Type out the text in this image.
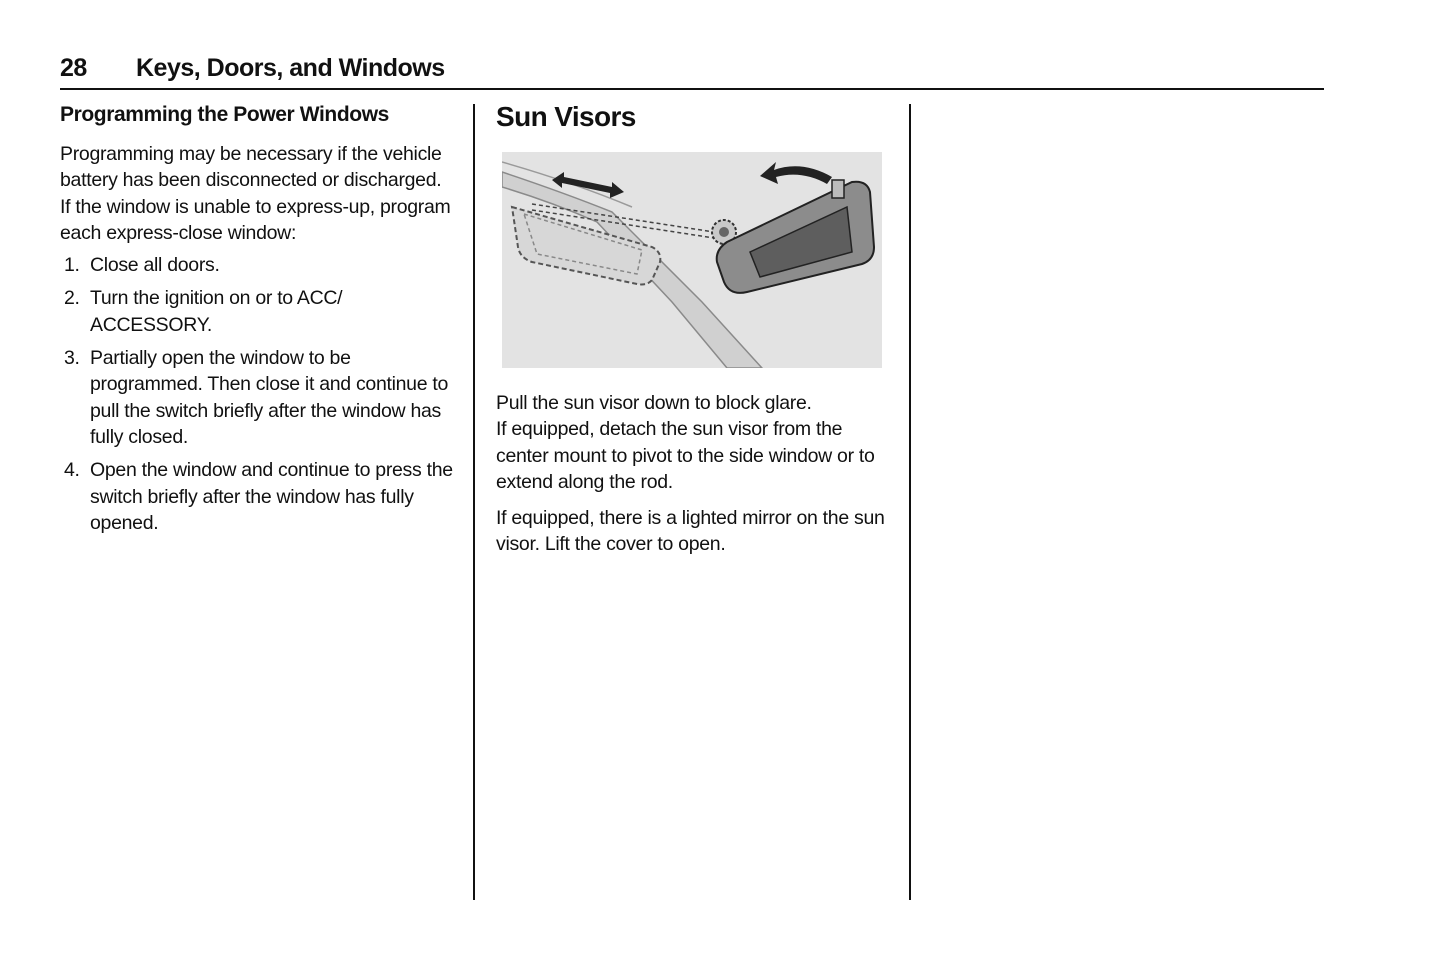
28 Keys, Doors, and Windows
Programming the Power Windows

Programming may be necessary if the vehicle battery has been disconnected or discharged. If the window is unable to express-up, program each express-close window:

1. Close all doors.
2. Turn the ignition on or to ACC/ ACCESSORY.
3. Partially open the window to be programmed. Then close it and continue to pull the switch briefly after the window has fully closed.
4. Open the window and continue to press the switch briefly after the window has fully opened.
Sun Visors

Pull the sun visor down to block glare.
If equipped, detach the sun visor from the center mount to pivot to the side window or to extend along the rod.

If equipped, there is a lighted mirror on the sun visor. Lift the cover to open.
